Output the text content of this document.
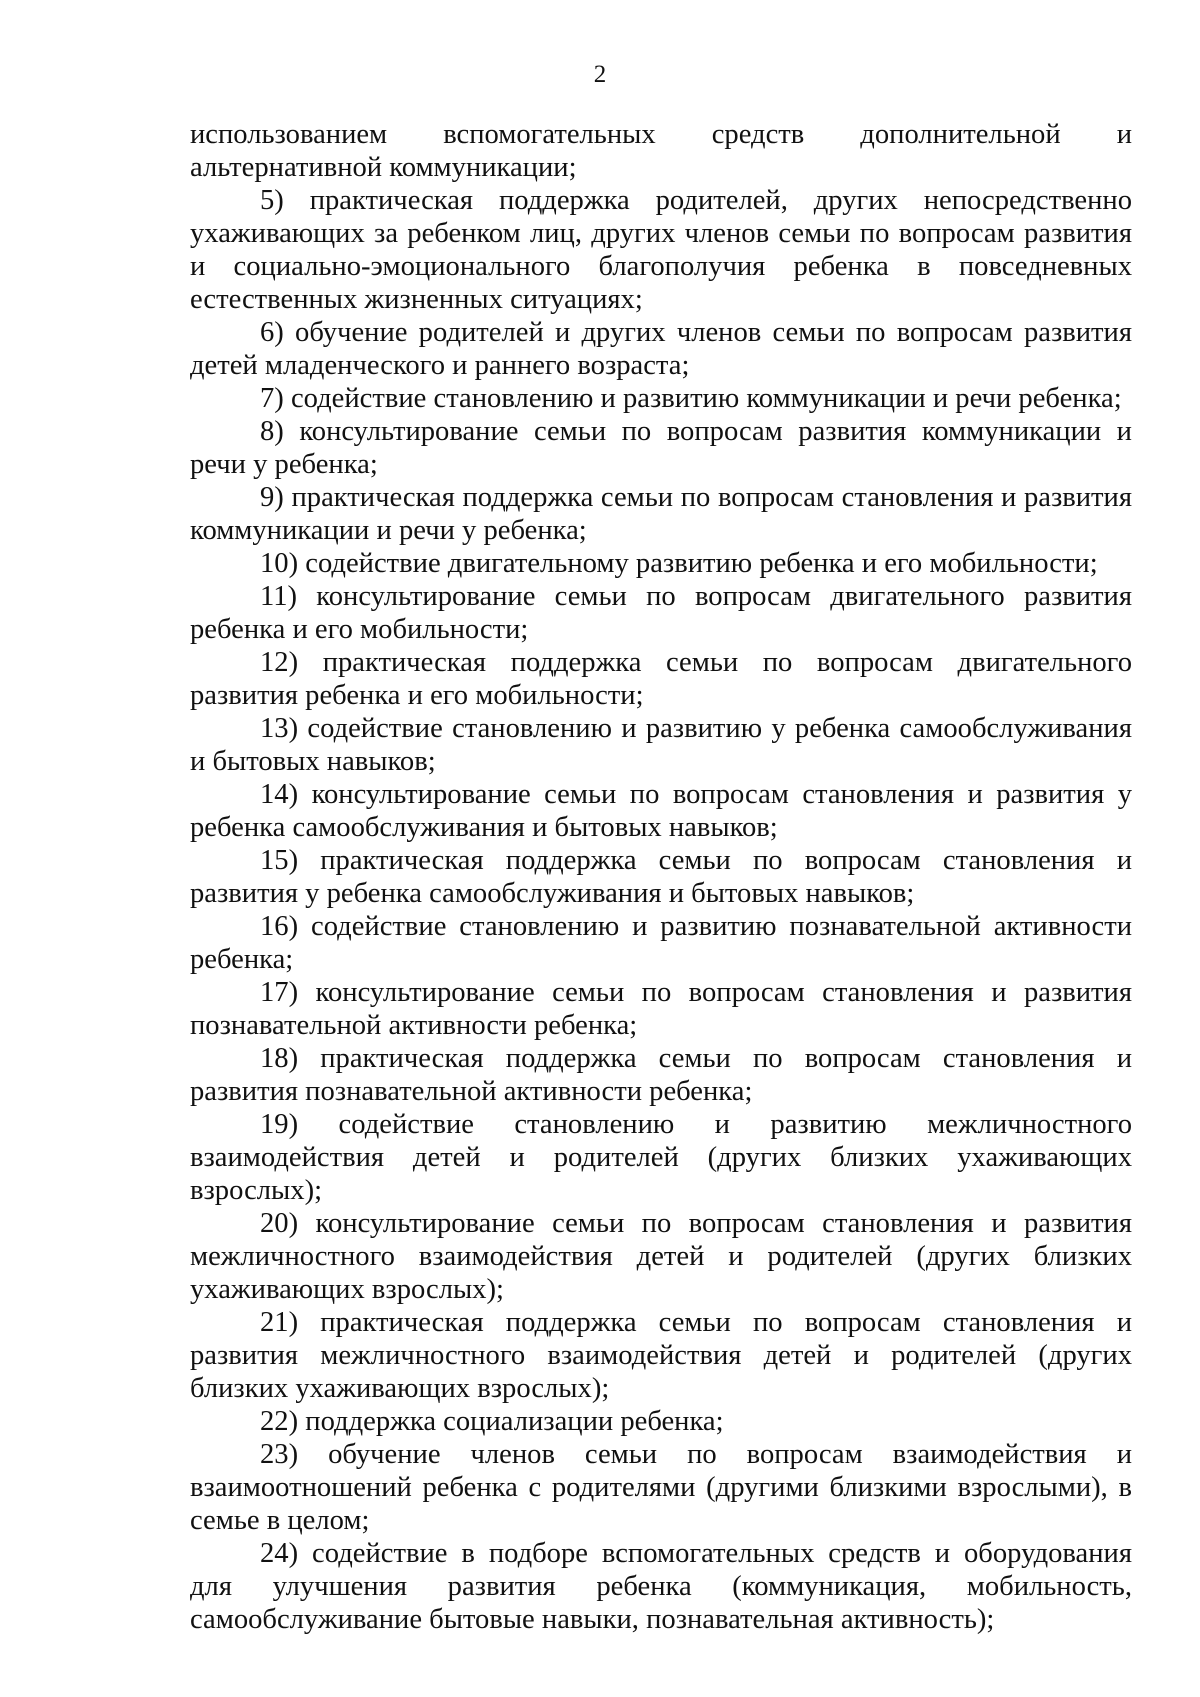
2

использованием вспомогательных средств дополнительной и альтернативной коммуникации;

5) практическая поддержка родителей, других непосредственно ухаживающих за ребенком лиц, других членов семьи по вопросам развития и социально-эмоционального благополучия ребенка в повседневных естественных жизненных ситуациях;

6) обучение родителей и других членов семьи по вопросам развития детей младенческого и раннего возраста;

7) содействие становлению и развитию коммуникации и речи ребенка;

8) консультирование семьи по вопросам развития коммуникации и речи у ребенка;

9) практическая поддержка семьи по вопросам становления и развития коммуникации и речи у ребенка;

10) содействие двигательному развитию ребенка и его мобильности;

11) консультирование семьи по вопросам двигательного развития ребенка и его мобильности;

12) практическая поддержка семьи по вопросам двигательного развития ребенка и его мобильности;

13) содействие становлению и развитию у ребенка самообслуживания и бытовых навыков;

14) консультирование семьи по вопросам становления и развития у ребенка самообслуживания и бытовых навыков;

15) практическая поддержка семьи по вопросам становления и развития у ребенка самообслуживания и бытовых навыков;

16) содействие становлению и развитию познавательной активности ребенка;

17) консультирование семьи по вопросам становления и развития познавательной активности ребенка;

18) практическая поддержка семьи по вопросам становления и развития познавательной активности ребенка;

19) содействие становлению и развитию межличностного взаимодействия детей и родителей (других близких ухаживающих взрослых);

20) консультирование семьи по вопросам становления и развития межличностного взаимодействия детей и родителей (других близких ухаживающих взрослых);

21) практическая поддержка семьи по вопросам становления и развития межличностного взаимодействия детей и родителей (других близких ухаживающих взрослых);

22) поддержка социализации ребенка;

23) обучение членов семьи по вопросам взаимодействия и взаимоотношений ребенка с родителями (другими близкими взрослыми), в семье в целом;

24) содействие в подборе вспомогательных средств и оборудования для улучшения развития ребенка (коммуникация, мобильность, самообслуживание бытовые навыки, познавательная активность);
